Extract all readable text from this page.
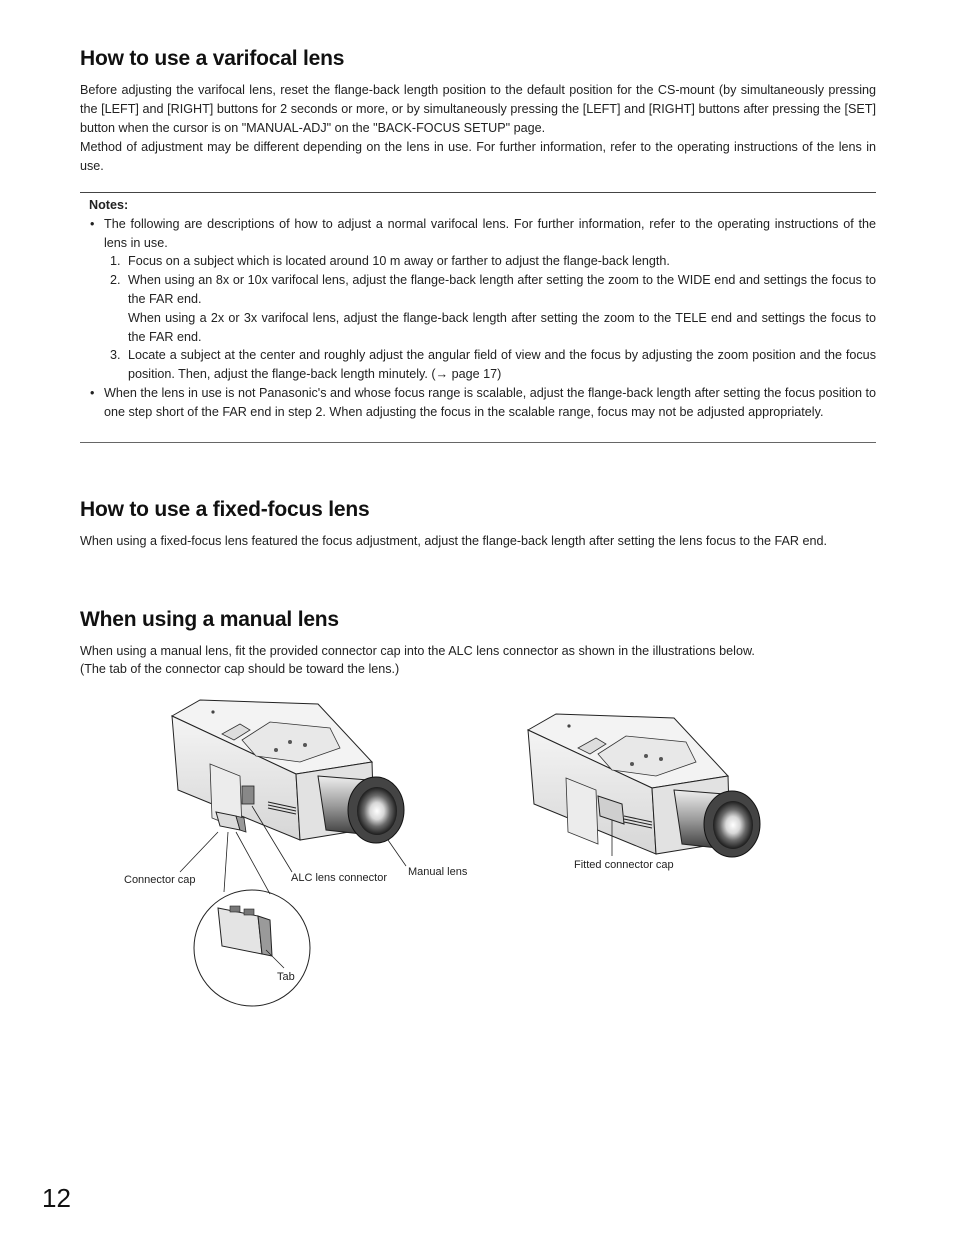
How to use a varifocal lens

Before adjusting the varifocal lens, reset the flange-back length position to the default position for the CS-mount (by simultaneously pressing the [LEFT] and [RIGHT] buttons for 2 seconds or more, or by simultaneously pressing the [LEFT] and [RIGHT] buttons after pressing the [SET] button when the cursor is on "MANUAL-ADJ" on the "BACK-FOCUS SETUP" page.

Method of adjustment may be different depending on the lens in use. For further information, refer to the operating instructions of the lens in use.

Notes:
• The following are descriptions of how to adjust a normal varifocal lens. For further information, refer to the operating instructions of the lens in use.
1. Focus on a subject which is located around 10 m away or farther to adjust the flange-back length.
2. When using an 8x or 10x varifocal lens, adjust the flange-back length after setting the zoom to the WIDE end and settings the focus to the FAR end.
When using a 2x or 3x varifocal lens, adjust the flange-back length after setting the zoom to the TELE end and settings the focus to the FAR end.
3. Locate a subject at the center and roughly adjust the angular field of view and the focus by adjusting the zoom position and the focus position. Then, adjust the flange-back length minutely. (→ page 17)
• When the lens in use is not Panasonic's and whose focus range is scalable, adjust the flange-back length after setting the focus position to one step short of the FAR end in step 2. When adjusting the focus in the scalable range, focus may not be adjusted appropriately.
How to use a fixed-focus lens

When using a fixed-focus lens featured the focus adjustment, adjust the flange-back length after setting the lens focus to the FAR end.

When using a manual lens

When using a manual lens, fit the provided connector cap into the ALC lens connector as shown in the illustrations below.

(The tab of the connector cap should be toward the lens.)

Connector cap	ALC lens connector Manual lens
Tab
Fitted connector cap
12
